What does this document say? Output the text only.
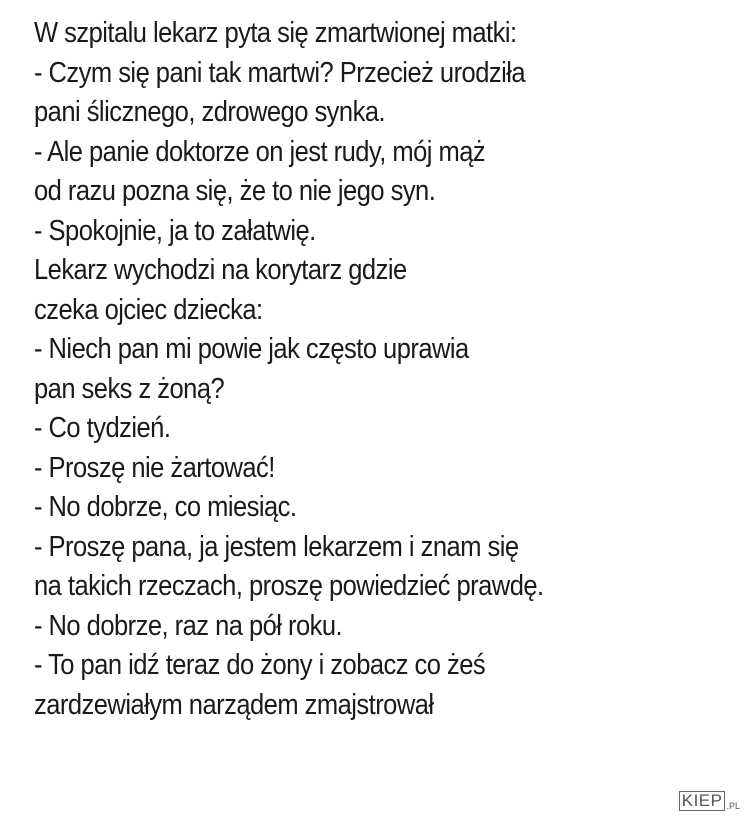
W szpitalu lekarz pyta się zmartwionej matki:
- Czym się pani tak martwi? Przecież urodziła
pani ślicznego, zdrowego synka.
- Ale panie doktorze on jest rudy, mój mąż
od razu pozna się, że to nie jego syn.
- Spokojnie, ja to załatwię.
Lekarz wychodzi na korytarz gdzie
czeka ojciec dziecka:
- Niech pan mi powie jak często uprawia
pan seks z żoną?
- Co tydzień.
- Proszę nie żartować!
- No dobrze, co miesiąc.
- Proszę pana, ja jestem lekarzem i znam się
na takich rzeczach, proszę powiedzieć prawdę.
- No dobrze, raz na pół roku.
- To pan idź teraz do żony i zobacz co żeś
zardzewiałym narządem zmajstrował
KIEP .PL
